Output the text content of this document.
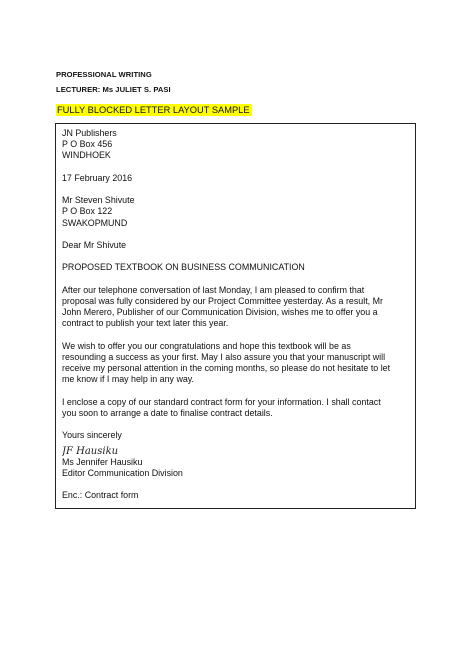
PROFESSIONAL WRITING
LECTURER: Ms JULIET S. PASI
FULLY BLOCKED LETTER LAYOUT SAMPLE
JN Publishers
P O Box 456
WINDHOEK
17 February 2016
Mr Steven Shivute
P O Box 122
SWAKOPMUND
Dear Mr Shivute
PROPOSED TEXTBOOK ON BUSINESS COMMUNICATION
After our telephone conversation of last Monday, I am pleased to confirm that
proposal was fully considered by our Project Committee yesterday. As a result, Mr
John Merero, Publisher of our Communication Division, wishes me to offer you a
contract to publish your text later this year.
We wish to offer you our congratulations and hope this textbook will be as
resounding a success as your first. May I also assure you that your manuscript will
receive my personal attention in the coming months, so please do not hesitate to let
me know if I may help in any way.
I enclose a copy of our standard contract form for your information. I shall contact
you soon to arrange a date to finalise contract details.
Yours sincerely
JF Hausiku
Ms Jennifer Hausiku
Editor Communication Division
Enc.: Contract form
